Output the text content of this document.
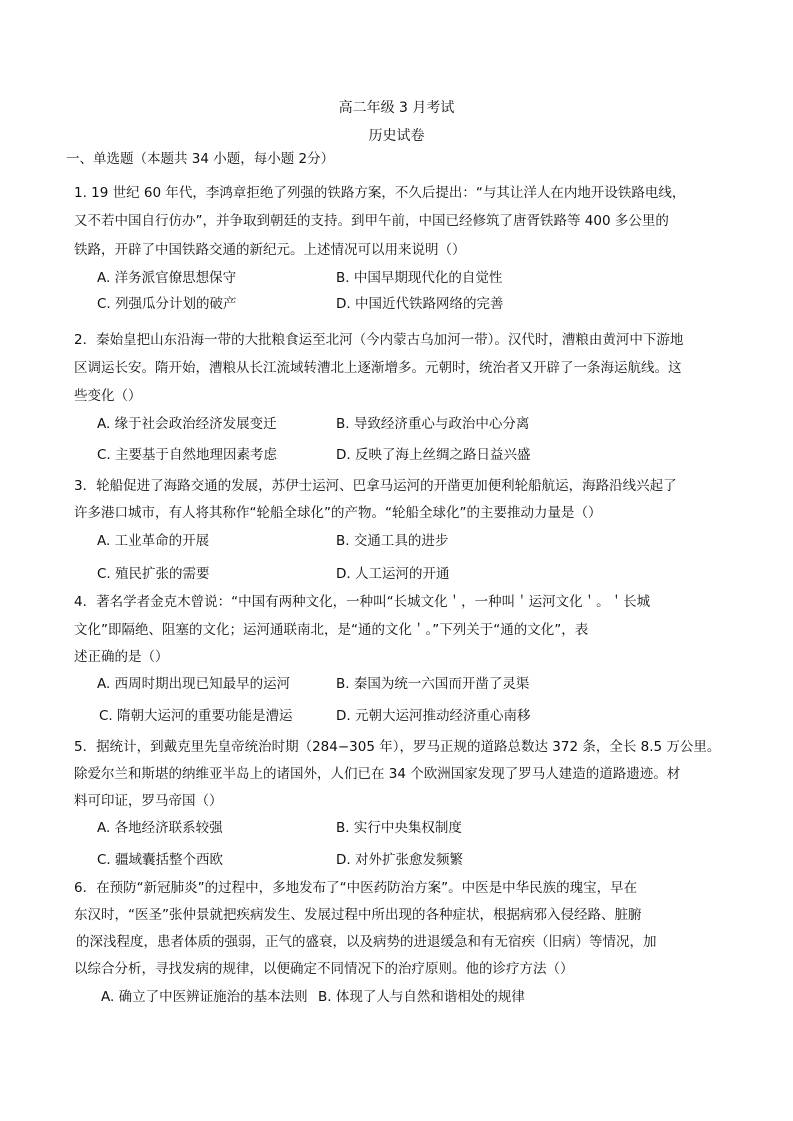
高二年级 3 月考试
历史试卷
一、单选题（本题共 34 小题，每小题 2分）
1. 19 世纪 60 年代，李鸿章拒绝了列强的铁路方案，不久后提出：“与其让洋人在内地开设铁路电线，
又不若中国自行仿办”，并争取到朝廷的支持。到甲午前，中国已经修筑了唐胥铁路等 400 多公里的
铁路，开辟了中国铁路交通的新纪元。上述情况可以用来说明（）
A. 洋务派官僚思想保守	B. 中国早期现代化的自觉性
C. 列强瓜分计划的破产	D. 中国近代铁路网络的完善
2．秦始皇把山东沿海一带的大批粮食运至北河（今内蒙古乌加河一带）。汉代时，漕粮由黄河中下游地
区调运长安。隋开始，漕粮从长江流域转漕北上逐渐增多。元朝时，统治者又开辟了一条海运航线。这
些变化（）
A. 缘于社会政治经济发展变迁	B. 导致经济重心与政治中心分离
C. 主要基于自然地理因素考虑	D. 反映了海上丝绸之路日益兴盛
3．轮船促进了海路交通的发展，苏伊士运河、巴拿马运河的开凿更加便利轮船航运，海路沿线兴起了
许多港口城市，有人将其称作“轮船全球化”的产物。“轮船全球化”的主要推动力量是（）
A. 工业革命的开展	B. 交通工具的进步
C. 殖民扩张的需要	D. 人工运河的开通
4．著名学者金克木曾说：“中国有两种文化，一种叫“长城文化＇，一种叫＇运河文化＇。＇长城
文化”即隔绝、阻塞的文化；运河通联南北，是“通的文化＇。”下列关于“通的文化”，表
述正确的是（）
A. 西周时期出现已知最早的运河	B. 秦国为统一六国而开凿了灵渠
C. 隋朝大运河的重要功能是漕运	D. 元朝大运河推动经济重心南移
5．据统计，到戴克里先皇帝统治时期（284−305 年），罗马正规的道路总数达 372 条，全长 8.5 万公里。
除爱尔兰和斯堪的纳维亚半岛上的诸国外，人们已在 34 个欧洲国家发现了罗马人建造的道路遗迹。材
料可印证，罗马帝国（）
A. 各地经济联系较强	B. 实行中央集权制度
C. 疆域囊括整个西欧	D. 对外扩张愈发频繁
6．在预防“新冠肺炎”的过程中，多地发布了“中医药防治方案”。中医是中华民族的瑰宝，早在
东汉时，“医圣”张仲景就把疾病发生、发展过程中所出现的各种症状，根据病邪入侵经路、脏腑
的深浅程度，患者体质的强弱，正气的盛衰，以及病势的进退缓急和有无宿疾（旧病）等情况，加
以综合分析，寻找发病的规律，以便确定不同情况下的治疗原则。他的诊疗方法（）
A. 确立了中医辨证施治的基本法则 B. 体现了人与自然和谐相处的规律
